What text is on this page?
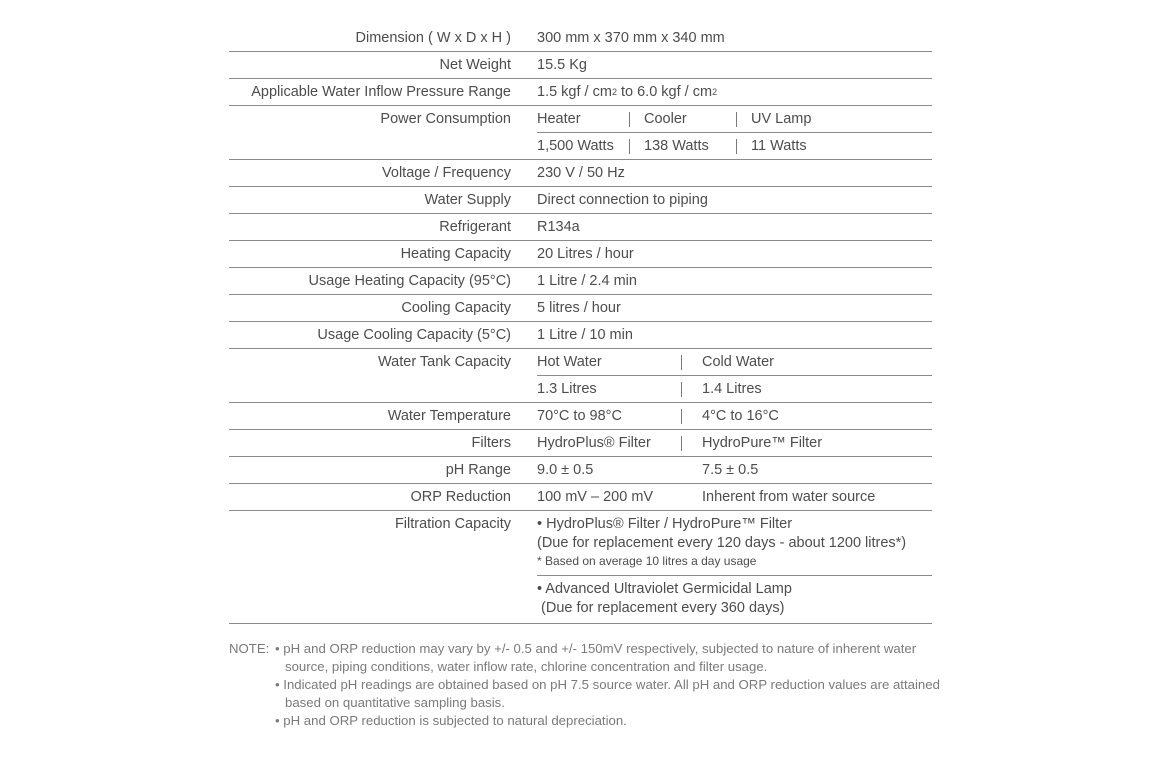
Dimension ( W x D x H ) 300 mm x 370 mm x 340 mm
Net Weight 15.5 Kg
Applicable Water Inflow Pressure Range 1.5 kgf / cm 2 to 6.0 kgf / cm 2
Power Consumption Heater	Cooler	UV Lamp
1,500 Watts	138 Watts	11 Watts
Voltage / Frequency 230 V / 50 Hz
Water Supply Direct connection to piping
Refrigerant R134a
Heating Capacity 20 Litres / hour
Usage Heating Capacity (95°C) 1 Litre / 2.4 min
Cooling Capacity 5 litres / hour
Usage Cooling Capacity (5°C) 1 Litre / 10 min
Water Tank Capacity Hot Water	Cold Water
1.3 Litres	1.4 Litres
Water Temperature 70°C to 98°C	4°C to 16°C
Filters HydroPlus® Filter	HydroPure™ Filter
pH Range 9.0 ± 0.5	7.5 ± 0.5
ORP Reduction 100 mV – 200 mV	Inherent from water source
Filtration Capacity • HydroPlus® Filter / HydroPure™ Filter
(Due for replacement every 120 days - about 1200 litres*)
* Based on average 10 litres a day usage
• Advanced Ultraviolet Germicidal Lamp
(Due for replacement every 360 days)
NOTE: • pH and ORP reduction may vary by +/- 0.5 and +/- 150mV respectively, subjected to nature of inherent water source, piping conditions, water inflow rate, chlorine concentration and filter usage.
• Indicated pH readings are obtained based on pH 7.5 source water. All pH and ORP reduction values are attained based on quantitative sampling basis.
• pH and ORP reduction is subjected to natural depreciation.
